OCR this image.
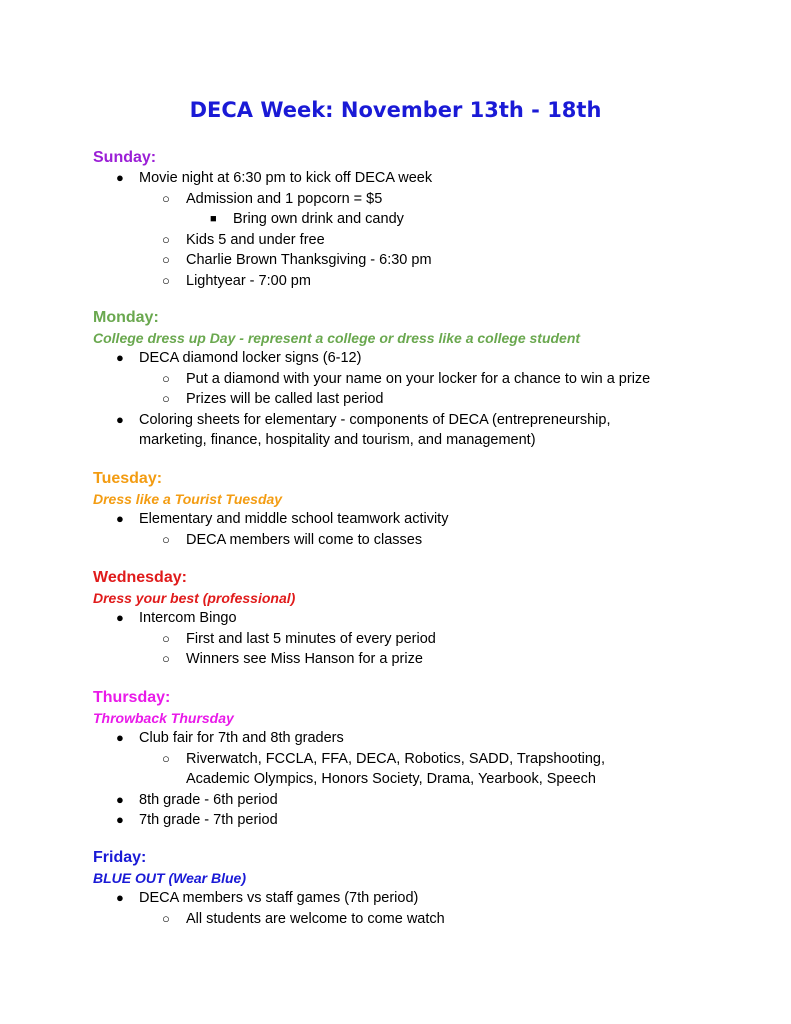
DECA Week: November 13th - 18th
Sunday:
● Movie night at 6:30 pm to kick off DECA week
○ Admission and 1 popcorn = $5
■ Bring own drink and candy
○ Kids 5 and under free
○ Charlie Brown Thanksgiving - 6:30 pm
○ Lightyear - 7:00 pm
Monday:
College dress up Day - represent a college or dress like a college student
● DECA diamond locker signs (6-12)
○ Put a diamond with your name on your locker for a chance to win a prize
○ Prizes will be called last period
● Coloring sheets for elementary - components of DECA (entrepreneurship,
marketing, finance, hospitality and tourism, and management)
Tuesday:
Dress like a Tourist Tuesday
● Elementary and middle school teamwork activity
○ DECA members will come to classes
Wednesday:
Dress your best (professional)
● Intercom Bingo
○ First and last 5 minutes of every period
○ Winners see Miss Hanson for a prize
Thursday:
Throwback Thursday
● Club fair for 7th and 8th graders
○ Riverwatch, FCCLA, FFA, DECA, Robotics, SADD, Trapshooting,
Academic Olympics, Honors Society, Drama, Yearbook, Speech
● 8th grade - 6th period
● 7th grade - 7th period
Friday:
BLUE OUT (Wear Blue)
● DECA members vs staff games (7th period)
○ All students are welcome to come watch
